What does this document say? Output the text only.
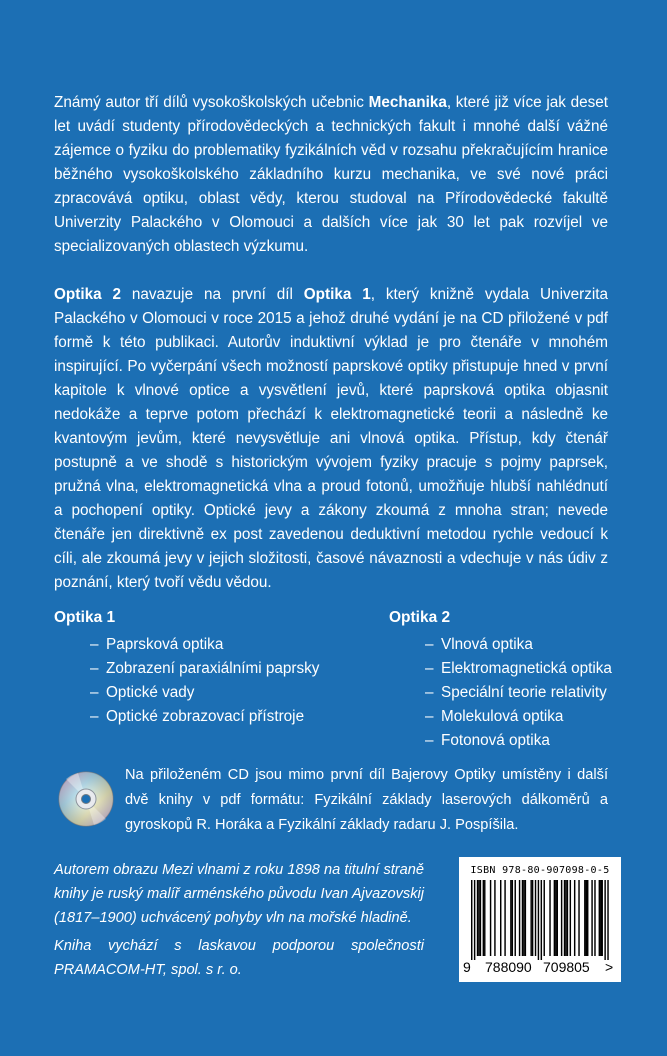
Známý autor tří dílů vysokoškolských učebnic Mechanika, které již více jak deset let uvádí studenty přírodovědeckých a technických fakult i mnohé další vážné zájemce o fyziku do problematiky fyzikálních věd v rozsahu překračujícím hranice běžného vysokoškolského základního kurzu mechanika, ve své nové práci zpracovává optiku, oblast vědy, kterou studoval na Přírodovědecké fakultě Univerzity Palackého v Olomouci a dalších více jak 30 let pak rozvíjel ve specializovaných oblastech výzkumu.

Optika 2 navazuje na první díl Optika 1, který knižně vydala Univerzita Palackého v Olomouci v roce 2015 a jehož druhé vydání je na CD přiložené v pdf formě k této publikaci. Autorův induktivní výklad je pro čtenáře v mnohém inspirující. Po vyčerpání všech možností paprskové optiky přistupuje hned v první kapitole k vlnové optice a vysvětlení jevů, které paprsková optika objasnit nedokáže a teprve potom přechází k elektromagnetické teorii a následně ke kvantovým jevům, které nevysvětluje ani vlnová optika. Přístup, kdy čtenář postupně a ve shodě s historickým vývojem fyziky pracuje s pojmy paprsek, pružná vlna, elektromagnetická vlna a proud fotonů, umožňuje hlubší nahlédnutí a pochopení optiky. Optické jevy a zákony zkoumá z mnoha stran; nevede čtenáře jen direktivně ex post zavedenou deduktivní metodou rychle vedoucí k cíli, ale zkoumá jevy v jejich složitosti, časové návaznosti a vdechuje v nás údiv z poznání, který tvoří vědu vědou.

Optika 1
– Paprsková optika
– Zobrazení paraxiálními paprsky
– Optické vady
– Optické zobrazovací přístroje
Optika 2
– Vlnová optika
– Elektromagnetická optika
– Speciální teorie relativity
– Molekulová optika
– Fotonová optika

Na přiloženém CD jsou mimo první díl Bajerovy Optiky umístěny i další dvě knihy v pdf formátu: Fyzikální základy laserových dálkoměrů a gyroskopů R. Horáka a Fyzikální základy radaru J. Pospíšila.

Autorem obrazu Mezi vlnami z roku 1898 na titulní straně knihy je ruský malíř arménského původu Ivan Ajvazovskij (1817–1900) uchvácený pohyby vln na mořské hladině.

Kniha vychází s laskavou podporou společnosti PRAMACOM-HT, spol. s r. o.

ISBN 978-80-907098-0-5
9 788090 709805 >
